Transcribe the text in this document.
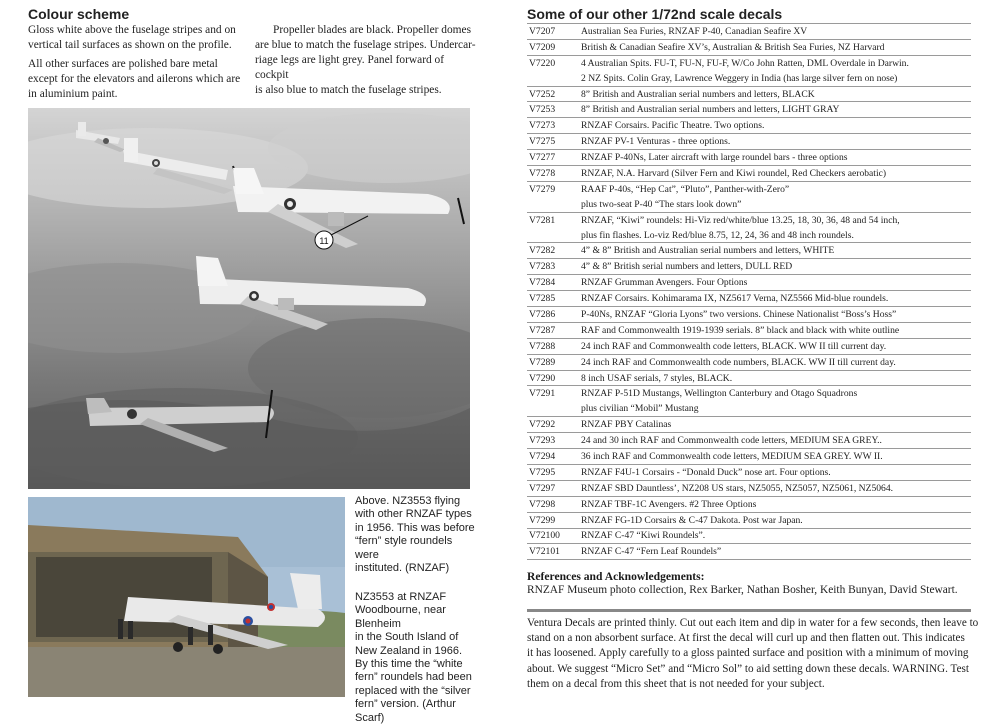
Colour scheme
Gloss white above the fuselage stripes and on
vertical tail surfaces as shown on the profile.
All other surfaces are polished bare metal
except for the elevators and ailerons which are
in aluminium paint.
Propeller blades are black. Propeller domes
are blue to match the fuselage stripes. Undercar-
riage legs are light grey. Panel forward of cockpit
is also blue to match the fuselage stripes.
11
Above. NZ3553 flying
with other RNZAF types
in 1956. This was before
“fern” style roundels were
instituted. (RNZAF)
NZ3553 at RNZAF
Woodbourne, near Blenheim
in the South Island of
New Zealand in 1966.
By this time the “white
fern” roundels had been
replaced with the “silver
fern” version. (Arthur Scarf)
Some of our other 1/72nd scale decals
V7207	Australian Sea Furies, RNZAF P-40, Canadian Seafire XV
V7209	British & Canadian Seafire XV’s, Australian & British Sea Furies, NZ Harvard
V7220	4 Australian Spits. FU-T, FU-N, FU-F, W/Co John Ratten, DML Overdale in Darwin.
	2 NZ Spits. Colin Gray, Lawrence Weggery in India (has large silver fern on nose)
V7252	8” British and Australian serial numbers and letters, BLACK
V7253	8” British and Australian serial numbers and letters, LIGHT GRAY
V7273	RNZAF Corsairs. Pacific Theatre. Two options.
V7275	RNZAF PV-1 Venturas - three options.
V7277	RNZAF P-40Ns, Later aircraft with large roundel bars - three options
V7278	RNZAF, N.A. Harvard (Silver Fern and Kiwi roundel, Red Checkers aerobatic)
V7279	RAAF P-40s, “Hep Cat”, “Pluto”, Panther-with-Zero”
	plus two-seat P-40 “The stars look down”
V7281	RNZAF, “Kiwi” roundels: Hi-Viz red/white/blue 13.25, 18, 30, 36, 48 and 54 inch,
	plus fin flashes. Lo-viz Red/blue 8.75, 12, 24, 36 and 48 inch roundels.
V7282	4” & 8” British and Australian serial numbers and letters, WHITE
V7283	4” & 8” British serial numbers and letters, DULL RED
V7284	RNZAF Grumman Avengers. Four Options
V7285	RNZAF Corsairs. Kohimarama IX, NZ5617 Verna, NZ5566 Mid-blue roundels.
V7286	P-40Ns, RNZAF “Gloria Lyons” two versions. Chinese Nationalist “Boss’s Hoss”
V7287	RAF and Commonwealth 1919-1939 serials. 8” black and black with white outline
V7288	24 inch RAF and Commonwealth code letters, BLACK. WW II till current day.
V7289	24 inch RAF and Commonwealth code numbers, BLACK. WW II till current day.
V7290	8 inch USAF serials, 7 styles, BLACK.
V7291	RNZAF P-51D Mustangs, Wellington Canterbury and Otago Squadrons
	plus civilian “Mobil” Mustang
V7292	RNZAF PBY Catalinas
V7293	24 and 30 inch RAF and Commonwealth code letters, MEDIUM SEA GREY..
V7294	36 inch RAF and Commonwealth code letters, MEDIUM SEA GREY. WW II.
V7295	RNZAF F4U-1 Corsairs - “Donald Duck” nose art. Four options.
V7297	RNZAF SBD Dauntless’, NZ208 US stars, NZ5055, NZ5057, NZ5061, NZ5064.
V7298	RNZAF TBF-1C Avengers. #2 Three Options
V7299	RNZAF FG-1D Corsairs & C-47 Dakota. Post war Japan.
V72100	RNZAF C-47 “Kiwi Roundels”.
V72101	RNZAF C-47 “Fern Leaf Roundels”
References and Acknowledgements:
RNZAF Museum photo collection, Rex Barker, Nathan Bosher, Keith Bunyan, David Stewart.
Ventura Decals are printed thinly. Cut out each item and dip in water for a few seconds, then leave to
stand on a non absorbent surface. At first the decal will curl up and then flatten out. This indicates
it has loosened. Apply carefully to a gloss painted surface and position with a minimum of moving
about. We suggest “Micro Set” and “Micro Sol” to aid setting down these decals. WARNING. Test
them on a decal from this sheet that is not needed for your subject.
